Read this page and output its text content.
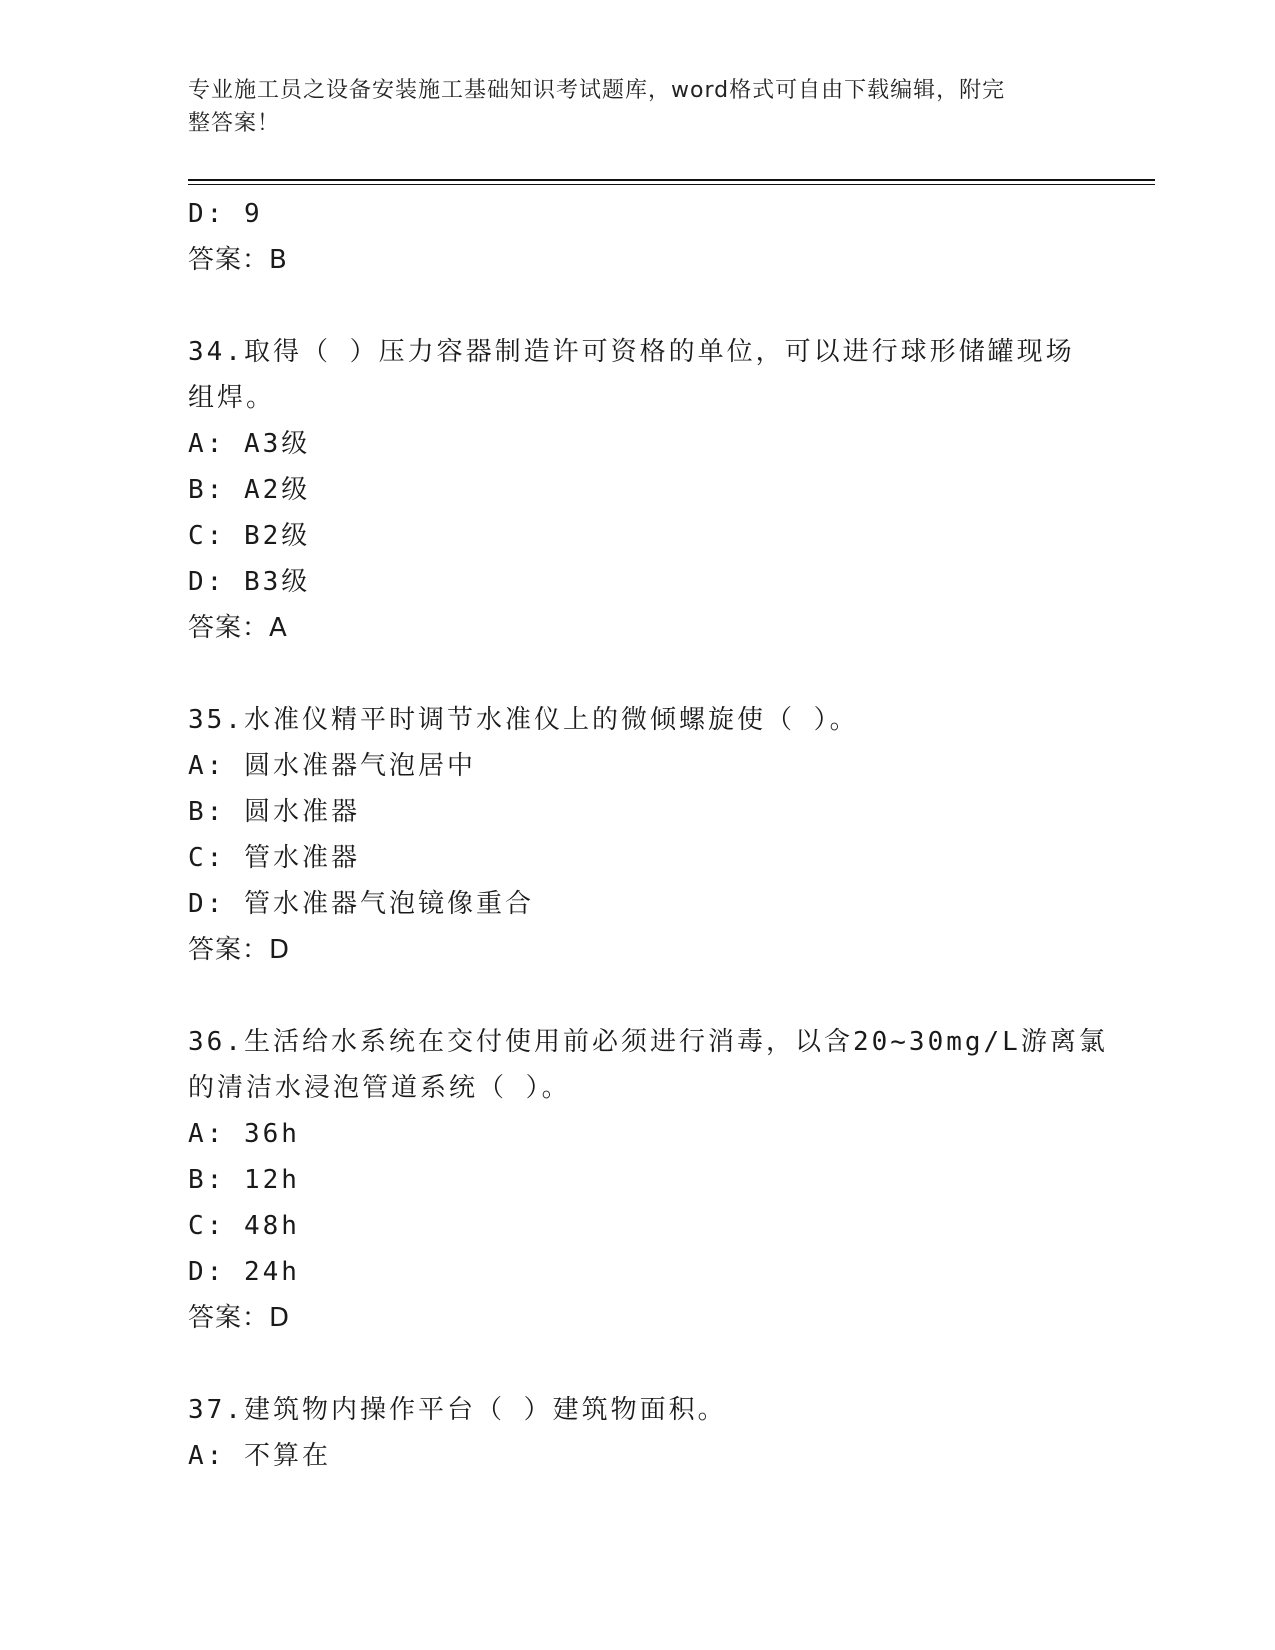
专业施工员之设备安装施工基础知识考试题库，word格式可自由下载编辑，附完
整答案！
D: 9
答案：B
34.取得（ ）压力容器制造许可资格的单位，可以进行球形储罐现场
组焊。
A: A3级
B: A2级
C: B2级
D: B3级
答案：A
35.水准仪精平时调节水准仪上的微倾螺旋使（ ）。
A: 圆水准器气泡居中
B: 圆水准器
C: 管水准器
D: 管水准器气泡镜像重合
答案：D
36.生活给水系统在交付使用前必须进行消毒，以含20~30mg/L游离氯
的清洁水浸泡管道系统（ ）。
A: 36h
B: 12h
C: 48h
D: 24h
答案：D
37.建筑物内操作平台（ ）建筑物面积。
A: 不算在
